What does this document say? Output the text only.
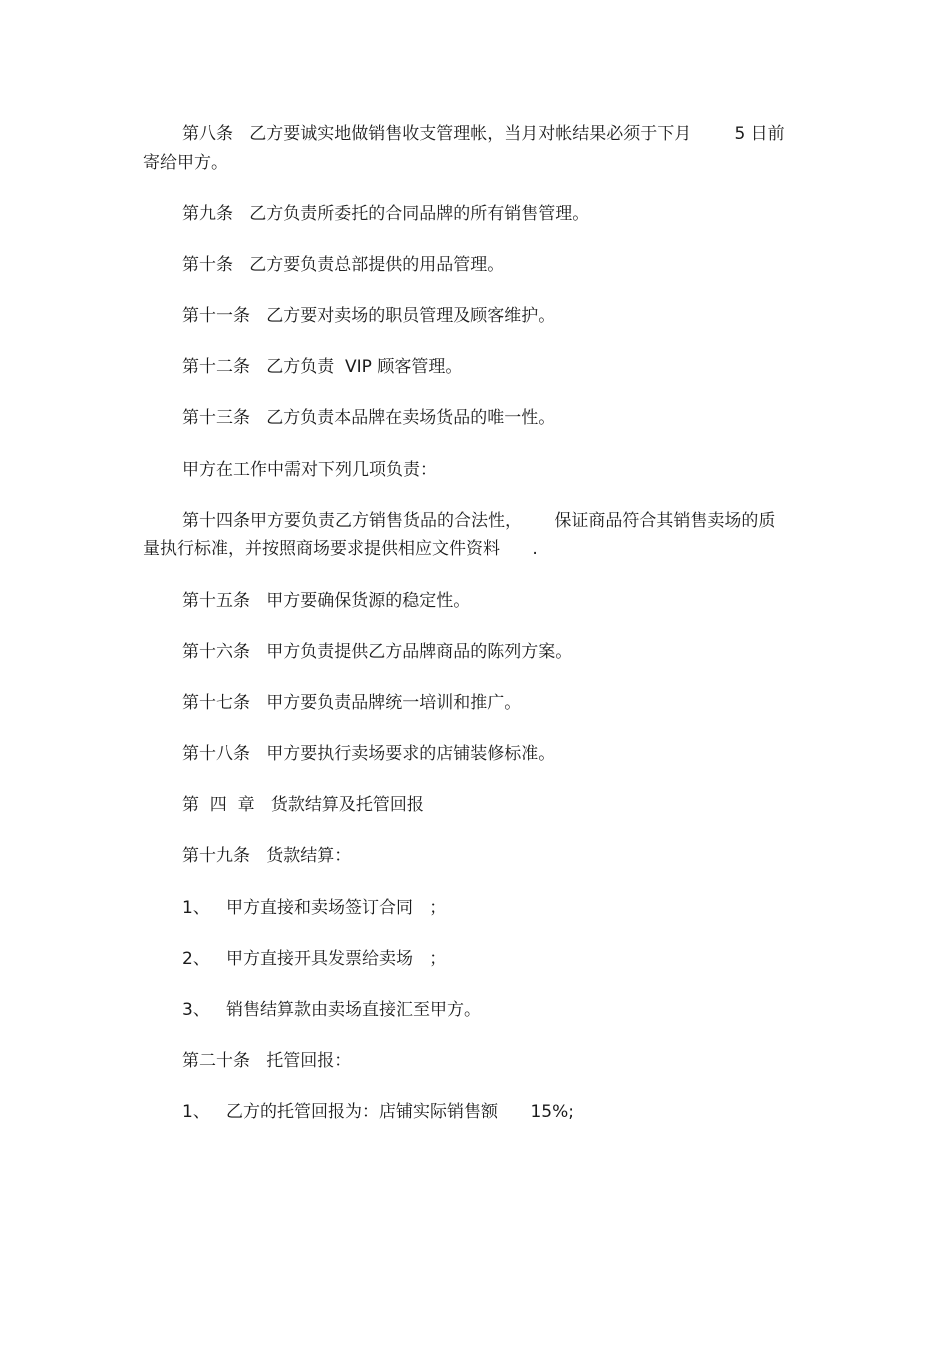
第八条   乙方要诚实地做销售收支管理帐，当月对帐结果必须于下月        5 日前
寄给甲方。
第九条   乙方负责所委托的合同品牌的所有销售管理。
第十条   乙方要负责总部提供的用品管理。
第十一条   乙方要对卖场的职员管理及顾客维护。
第十二条   乙方负责  VIP 顾客管理。
第十三条   乙方负责本品牌在卖场货品的唯一性。
甲方在工作中需对下列几项负责：
第十四条甲方要负责乙方销售货品的合法性，      保证商品符合其销售卖场的质
量执行标准，并按照商场要求提供相应文件资料      .
第十五条   甲方要确保货源的稳定性。
第十六条   甲方负责提供乙方品牌商品的陈列方案。
第十七条   甲方要负责品牌统一培训和推广。
第十八条   甲方要执行卖场要求的店铺装修标准。
第  四  章   货款结算及托管回报
第十九条   货款结算：
1、   甲方直接和卖场签订合同   ；
2、   甲方直接开具发票给卖场   ；
3、   销售结算款由卖场直接汇至甲方。
第二十条   托管回报：
1、   乙方的托管回报为：店铺实际销售额      15%;
